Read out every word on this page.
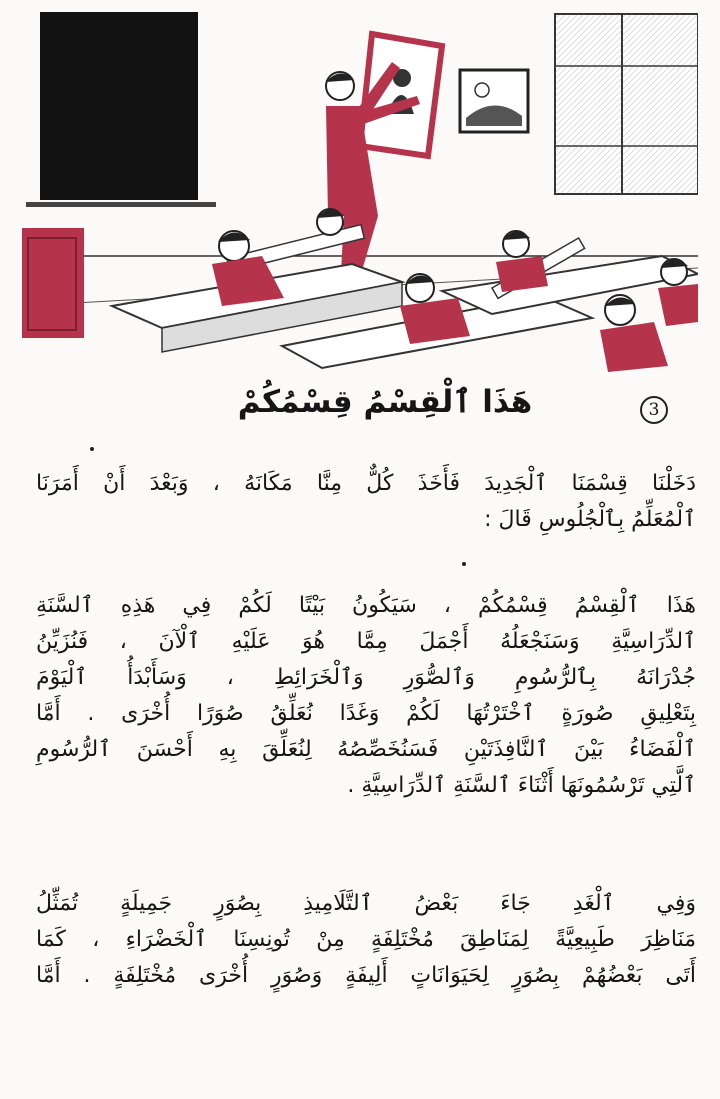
3
هَذَا ٱلْقِسْمُ قِسْمُكُمْ
دَخَلْنَا قِسْمَنَا ٱلْجَدِيدَ فَأَخَذَ كُلٌّ مِنَّا مَكَانَهُ ، وَبَعْدَ أَنْ أَمَرَنَا
ٱلْمُعَلِّمُ بِٱلْجُلُوسِ قَالَ :
هَذَا ٱلْقِسْمُ قِسْمُكُمْ ، سَيَكُونُ بَيْتًا لَكُمْ فِي هَذِهِ ٱلسَّنَةِ
ٱلدِّرَاسِيَّةِ وَسَنَجْعَلُهُ أَجْمَلَ مِمَّا هُوَ عَلَيْهِ ٱلْآنَ ، فَنُزَيِّنُ
جُدْرَانَهُ بِٱلرُّسُومِ وَٱلصُّوَرِ وَٱلْخَرَائِطِ ، وَسَأَبْدَأُ ٱلْيَوْمَ
بِتَعْلِيقِ صُورَةٍ ٱخْتَرْتُهَا لَكُمْ وَغَدًا نُعَلِّقُ صُوَرًا أُخْرَى . أَمَّا
ٱلْفَضَاءُ بَيْنَ ٱلنَّافِذَتَيْنِ فَسَنُخَصِّصُهُ لِنُعَلِّقَ بِهِ أَحْسَنَ ٱلرُّسُومِ
ٱلَّتِي تَرْسُمُونَهَا أَثْنَاءَ ٱلسَّنَةِ ٱلدِّرَاسِيَّةِ .
وَفِي ٱلْغَدِ جَاءَ بَعْضُ ٱلتَّلَامِيذِ بِصُوَرٍ جَمِيلَةٍ تُمَثِّلُ
مَنَاظِرَ طَبِيعِيَّةً لِمَنَاطِقَ مُخْتَلِفَةٍ مِنْ تُونِسِنَا ٱلْخَضْرَاءِ ، كَمَا
أَتَى بَعْضُهُمْ بِصُوَرٍ لِحَيَوَانَاتٍ أَلِيفَةٍ وَصُوَرٍ أُخْرَى مُخْتَلِفَةٍ . أَمَّا
